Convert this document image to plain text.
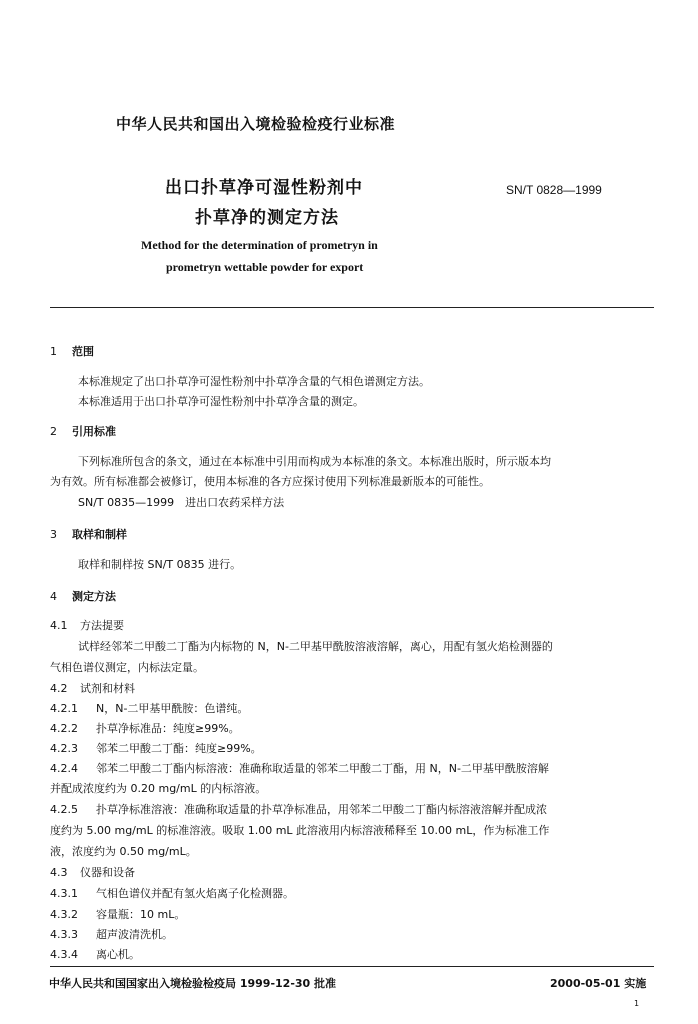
中华人民共和国出入境检验检疫行业标准
出口扑草净可湿性粉剂中
扑草净的测定方法
SN/T 0828—1999
Method for the determination of prometryn in
prometryn wettable powder for export
1 范围
本标准规定了出口扑草净可湿性粉剂中扑草净含量的气相色谱测定方法。
本标准适用于出口扑草净可湿性粉剂中扑草净含量的测定。
2 引用标准
下列标准所包含的条文，通过在本标准中引用而构成为本标准的条文。本标准出版时，所示版本均
为有效。所有标准都会被修订，使用本标准的各方应探讨使用下列标准最新版本的可能性。
SN/T 0835—1999　进出口农药采样方法
3 取样和制样
取样和制样按 SN/T 0835 进行。
4 测定方法
4.1 方法提要
试样经邻苯二甲酸二丁酯为内标物的 N，N-二甲基甲酰胺溶液溶解，离心，用配有氢火焰检测器的
气相色谱仪测定，内标法定量。
4.2 试剂和材料
4.2.1 N，N-二甲基甲酰胺：色谱纯。
4.2.2 扑草净标准品：纯度≥99%。
4.2.3 邻苯二甲酸二丁酯：纯度≥99%。
4.2.4 邻苯二甲酸二丁酯内标溶液：准确称取适量的邻苯二甲酸二丁酯，用 N，N-二甲基甲酰胺溶解
并配成浓度约为 0.20 mg/mL 的内标溶液。
4.2.5 扑草净标准溶液：准确称取适量的扑草净标准品，用邻苯二甲酸二丁酯内标溶液溶解并配成浓
度约为 5.00 mg/mL 的标准溶液。吸取 1.00 mL 此溶液用内标溶液稀释至 10.00 mL，作为标准工作
液，浓度约为 0.50 mg/mL。
4.3 仪器和设备
4.3.1 气相色谱仪并配有氢火焰离子化检测器。
4.3.2 容量瓶：10 mL。
4.3.3 超声波清洗机。
4.3.4 离心机。
中华人民共和国国家出入境检验检疫局 1999-12-30 批准	2000-05-01 实施
1
